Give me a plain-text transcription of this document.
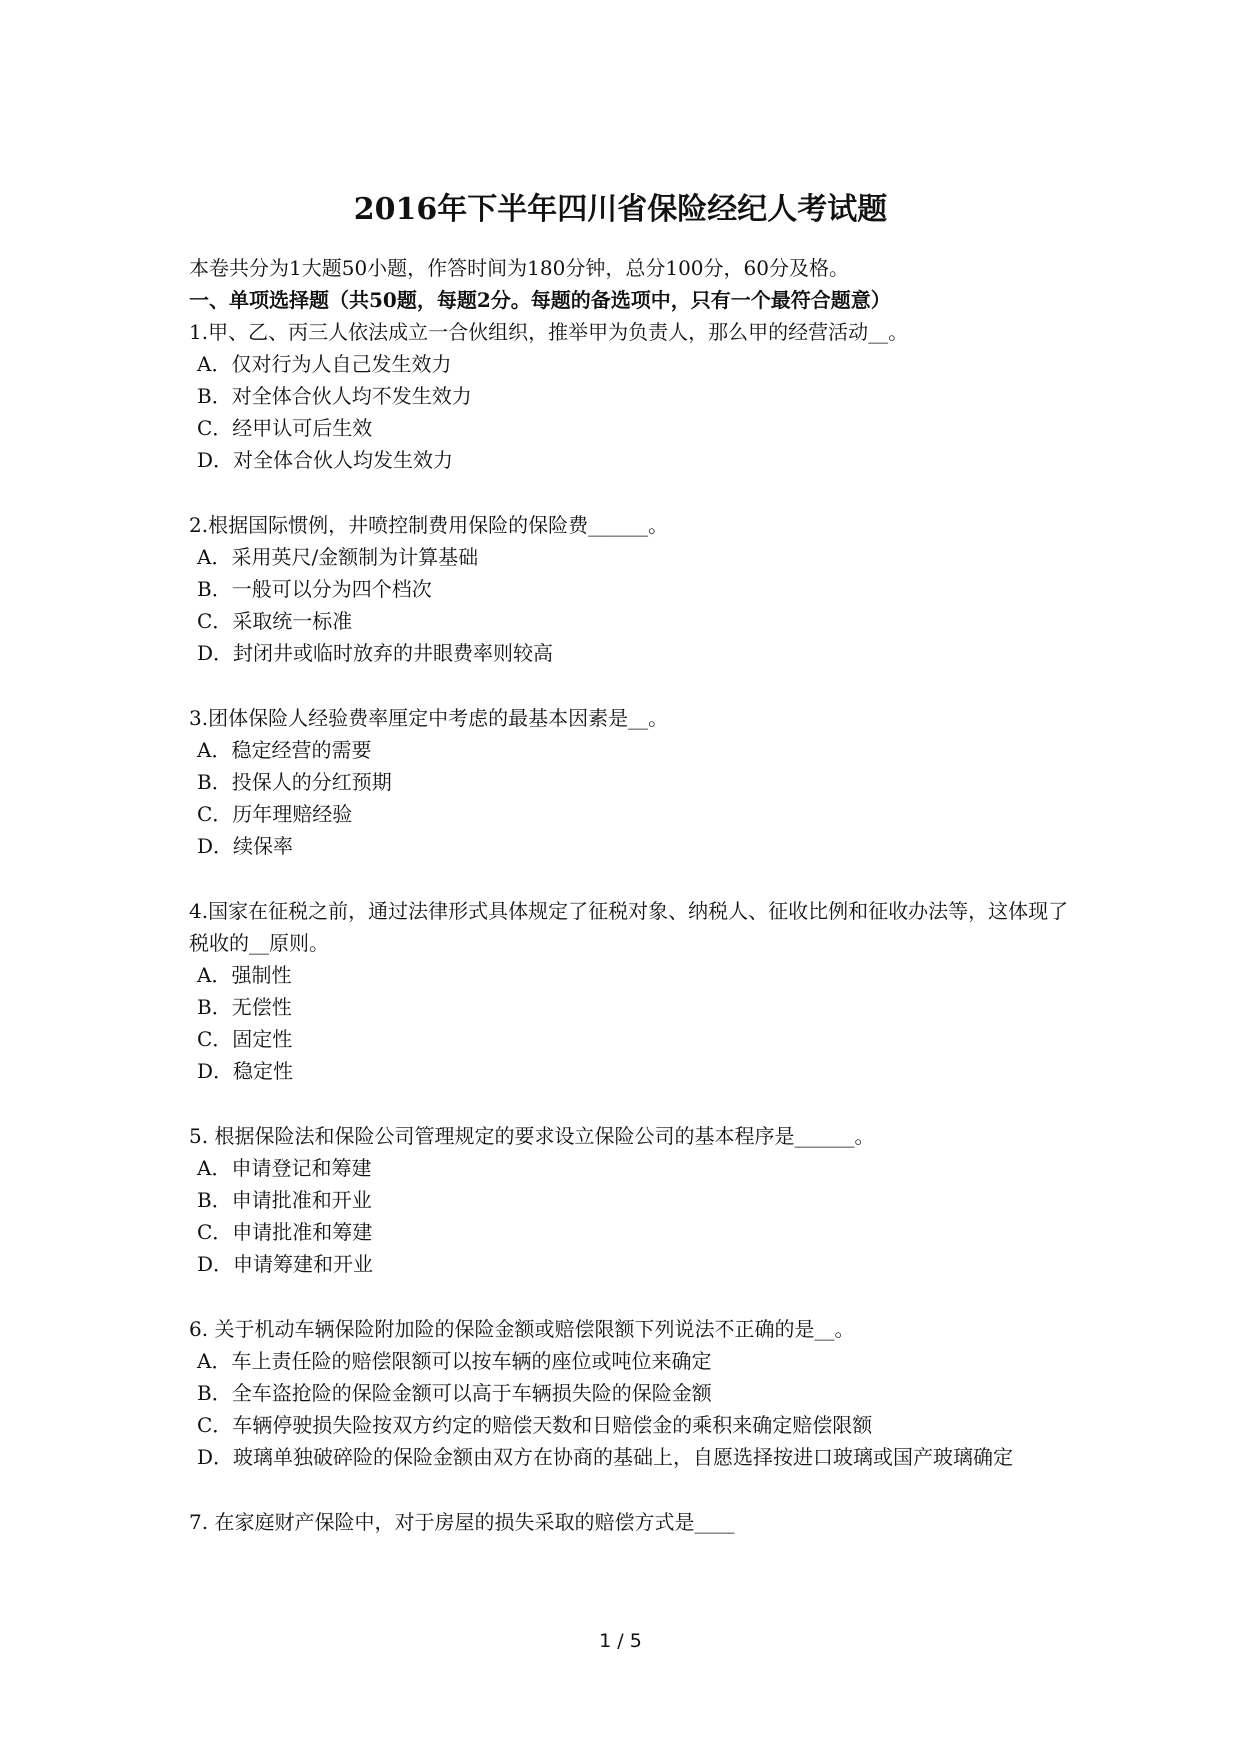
2016年下半年四川省保险经纪人考试题

本卷共分为1大题50小题，作答时间为180分钟，总分100分，60分及格。

一、单项选择题（共50题，每题2分。每题的备选项中，只有一个最符合题意）

1.甲、乙、丙三人依法成立一合伙组织，推举甲为负责人，那么甲的经营活动__。

A．仅对行为人自己发生效力

B．对全体合伙人均不发生效力

C．经甲认可后生效

D．对全体合伙人均发生效力

2.根据国际惯例，井喷控制费用保险的保险费______。

A．采用英尺/金额制为计算基础

B．一般可以分为四个档次

C．采取统一标准

D．封闭井或临时放弃的井眼费率则较高

3.团体保险人经验费率厘定中考虑的最基本因素是__。

A．稳定经营的需要

B．投保人的分红预期

C．历年理赔经验

D．续保率

4.国家在征税之前，通过法律形式具体规定了征税对象、纳税人、征收比例和征收办法等，这体现了税收的__原则。

A．强制性

B．无偿性

C．固定性

D．稳定性

5. 根据保险法和保险公司管理规定的要求设立保险公司的基本程序是______。

A．申请登记和筹建

B．申请批准和开业

C．申请批准和筹建

D．申请筹建和开业

6. 关于机动车辆保险附加险的保险金额或赔偿限额下列说法不正确的是__。

A．车上责任险的赔偿限额可以按车辆的座位或吨位来确定

B．全车盗抢险的保险金额可以高于车辆损失险的保险金额

C．车辆停驶损失险按双方约定的赔偿天数和日赔偿金的乘积来确定赔偿限额

D．玻璃单独破碎险的保险金额由双方在协商的基础上，自愿选择按进口玻璃或国产玻璃确定

7. 在家庭财产保险中，对于房屋的损失采取的赔偿方式是____

1 / 5
